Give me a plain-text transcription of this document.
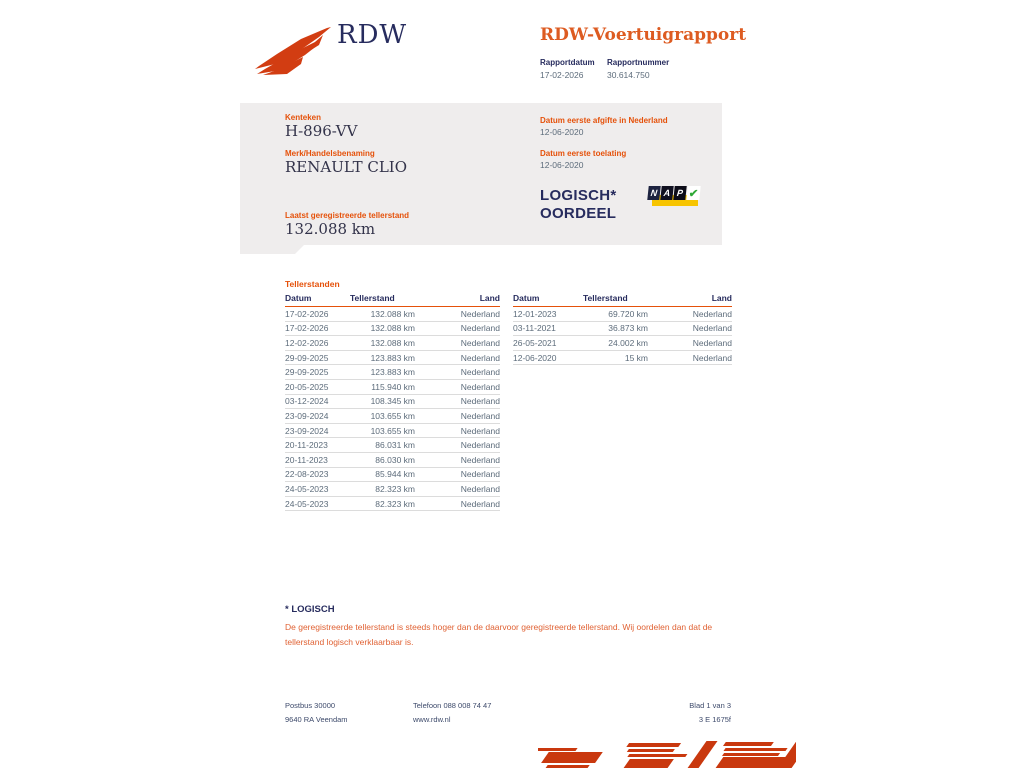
RDW	RDW-Voertuigrapport
Rapportdatum
17-02-2026
Rapportnummer
30.614.750
Kenteken
H-896-VV
Merk/Handelsbenaming
RENAULT CLIO
Laatst geregistreerde tellerstand
132.088 km
Datum eerste afgifte in Nederland
12-06-2020
Datum eerste toelating
12-06-2020
LOGISCH*
OORDEEL
N A P ✔
Tellerstanden
Datum	Tellerstand	Land
17-02-2026	132.088 km	Nederland
17-02-2026	132.088 km	Nederland
12-02-2026	132.088 km	Nederland
29-09-2025	123.883 km	Nederland
29-09-2025	123.883 km	Nederland
20-05-2025	115.940 km	Nederland
03-12-2024	108.345 km	Nederland
23-09-2024	103.655 km	Nederland
23-09-2024	103.655 km	Nederland
20-11-2023	86.031 km	Nederland
20-11-2023	86.030 km	Nederland
22-08-2023	85.944 km	Nederland
24-05-2023	82.323 km	Nederland
24-05-2023	82.323 km	Nederland
Datum	Tellerstand	Land
12-01-2023	69.720 km	Nederland
03-11-2021	36.873 km	Nederland
26-05-2021	24.002 km	Nederland
12-06-2020	15 km	Nederland
* LOGISCH
De geregistreerde tellerstand is steeds hoger dan de daarvoor geregistreerde tellerstand. Wij oordelen dan dat de tellerstand logisch verklaarbaar is.
Postbus 30000
9640 RA Veendam
Telefoon 088 008 74 47
www.rdw.nl
Blad 1 van 3
3 E 1675f
